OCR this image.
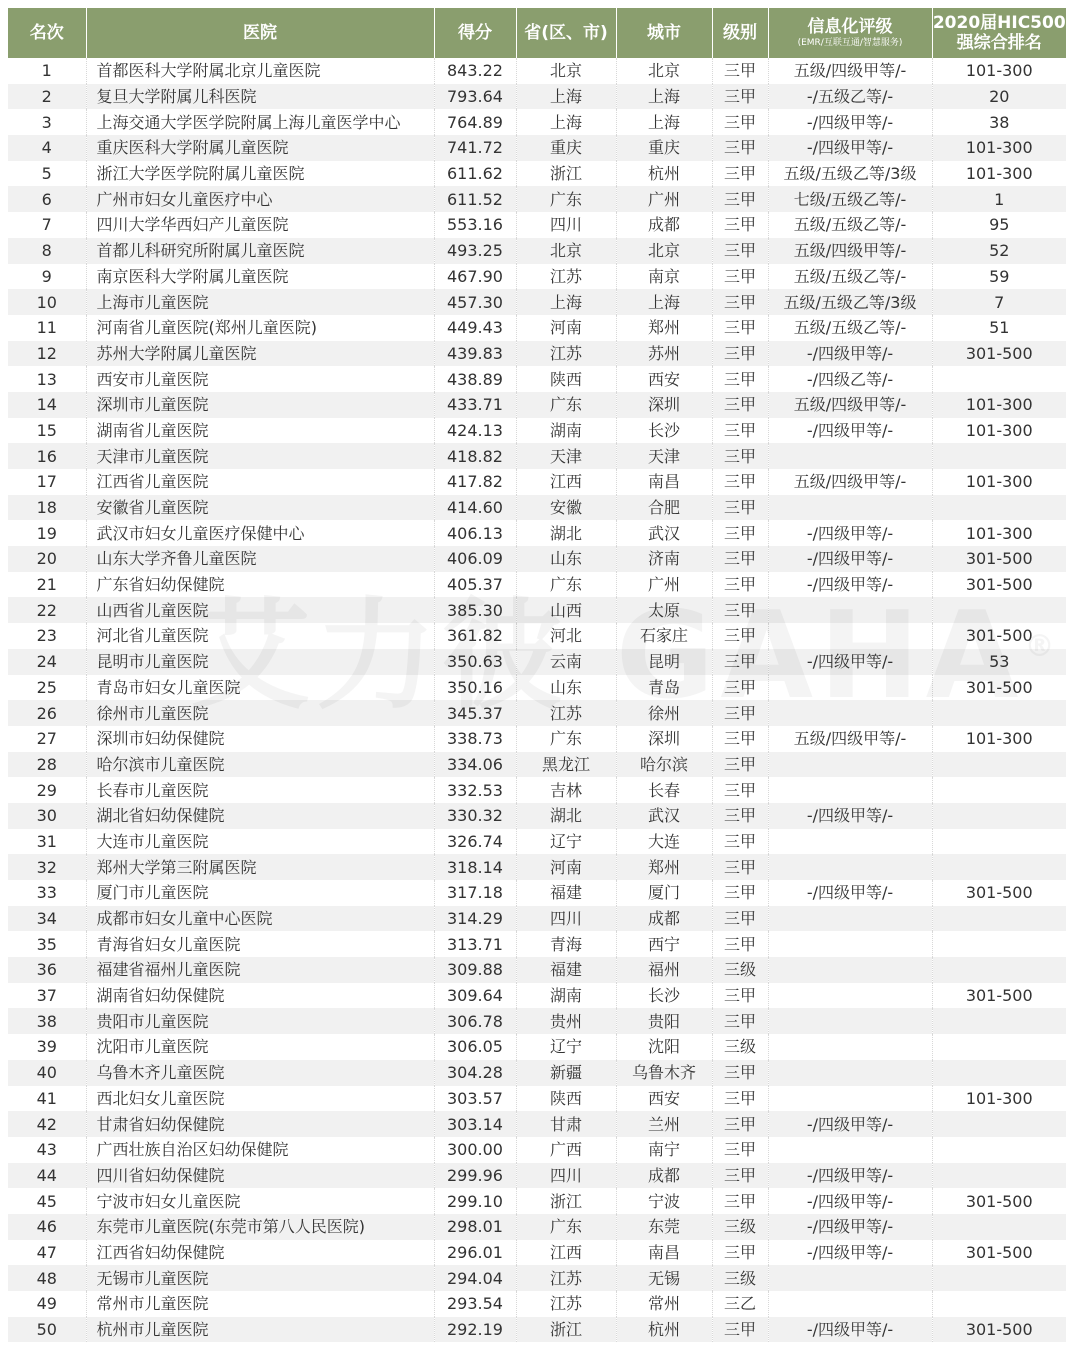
名次	医院	得分	省(区、市)	城市	级别	信息化评级
(EMR/互联互通/智慧服务)	2020届HIC500
强综合排名

1	首都医科大学附属北京儿童医院	843.22	北京	北京	三甲	五级/四级甲等/-	101-300
2	复旦大学附属儿科医院	793.64	上海	上海	三甲	-/五级乙等/-	20
3	上海交通大学医学院附属上海儿童医学中心	764.89	上海	上海	三甲	-/四级甲等/-	38
4	重庆医科大学附属儿童医院	741.72	重庆	重庆	三甲	-/四级甲等/-	101-300
5	浙江大学医学院附属儿童医院	611.62	浙江	杭州	三甲	五级/五级乙等/3级	101-300
6	广州市妇女儿童医疗中心	611.52	广东	广州	三甲	七级/五级乙等/-	1
7	四川大学华西妇产儿童医院	553.16	四川	成都	三甲	五级/五级乙等/-	95
8	首都儿科研究所附属儿童医院	493.25	北京	北京	三甲	五级/四级甲等/-	52
9	南京医科大学附属儿童医院	467.90	江苏	南京	三甲	五级/五级乙等/-	59
10	上海市儿童医院	457.30	上海	上海	三甲	五级/五级乙等/3级	7
11	河南省儿童医院(郑州儿童医院)	449.43	河南	郑州	三甲	五级/五级乙等/-	51
12	苏州大学附属儿童医院	439.83	江苏	苏州	三甲	-/四级甲等/-	301-500
13	西安市儿童医院	438.89	陕西	西安	三甲	-/四级乙等/-	
14	深圳市儿童医院	433.71	广东	深圳	三甲	五级/四级甲等/-	101-300
15	湖南省儿童医院	424.13	湖南	长沙	三甲	-/四级甲等/-	101-300
16	天津市儿童医院	418.82	天津	天津	三甲		
17	江西省儿童医院	417.82	江西	南昌	三甲	五级/四级甲等/-	101-300
18	安徽省儿童医院	414.60	安徽	合肥	三甲		
19	武汉市妇女儿童医疗保健中心	406.13	湖北	武汉	三甲	-/四级甲等/-	101-300
20	山东大学齐鲁儿童医院	406.09	山东	济南	三甲	-/四级甲等/-	301-500
21	广东省妇幼保健院	405.37	广东	广州	三甲	-/四级甲等/-	301-500
22	山西省儿童医院	385.30	山西	太原	三甲		
23	河北省儿童医院	361.82	河北	石家庄	三甲		301-500
24	昆明市儿童医院	350.63	云南	昆明	三甲	-/四级甲等/-	53
25	青岛市妇女儿童医院	350.16	山东	青岛	三甲		301-500
26	徐州市儿童医院	345.37	江苏	徐州	三甲		
27	深圳市妇幼保健院	338.73	广东	深圳	三甲	五级/四级甲等/-	101-300
28	哈尔滨市儿童医院	334.06	黑龙江	哈尔滨	三甲		
29	长春市儿童医院	332.53	吉林	长春	三甲		
30	湖北省妇幼保健院	330.32	湖北	武汉	三甲	-/四级甲等/-	
31	大连市儿童医院	326.74	辽宁	大连	三甲		
32	郑州大学第三附属医院	318.14	河南	郑州	三甲		
33	厦门市儿童医院	317.18	福建	厦门	三甲	-/四级甲等/-	301-500
34	成都市妇女儿童中心医院	314.29	四川	成都	三甲		
35	青海省妇女儿童医院	313.71	青海	西宁	三甲		
36	福建省福州儿童医院	309.88	福建	福州	三级		
37	湖南省妇幼保健院	309.64	湖南	长沙	三甲		301-500
38	贵阳市儿童医院	306.78	贵州	贵阳	三甲		
39	沈阳市儿童医院	306.05	辽宁	沈阳	三级		
40	乌鲁木齐儿童医院	304.28	新疆	乌鲁木齐	三甲		
41	西北妇女儿童医院	303.57	陕西	西安	三甲		101-300
42	甘肃省妇幼保健院	303.14	甘肃	兰州	三甲	-/四级甲等/-	
43	广西壮族自治区妇幼保健院	300.00	广西	南宁	三甲		
44	四川省妇幼保健院	299.96	四川	成都	三甲	-/四级甲等/-	
45	宁波市妇女儿童医院	299.10	浙江	宁波	三甲	-/四级甲等/-	301-500
46	东莞市儿童医院(东莞市第八人民医院)	298.01	广东	东莞	三级	-/四级甲等/-	
47	江西省妇幼保健院	296.01	江西	南昌	三甲	-/四级甲等/-	301-500
48	无锡市儿童医院	294.04	江苏	无锡	三级		
49	常州市儿童医院	293.54	江苏	常州	三乙		
50	杭州市儿童医院	292.19	浙江	杭州	三甲	-/四级甲等/-	301-500
